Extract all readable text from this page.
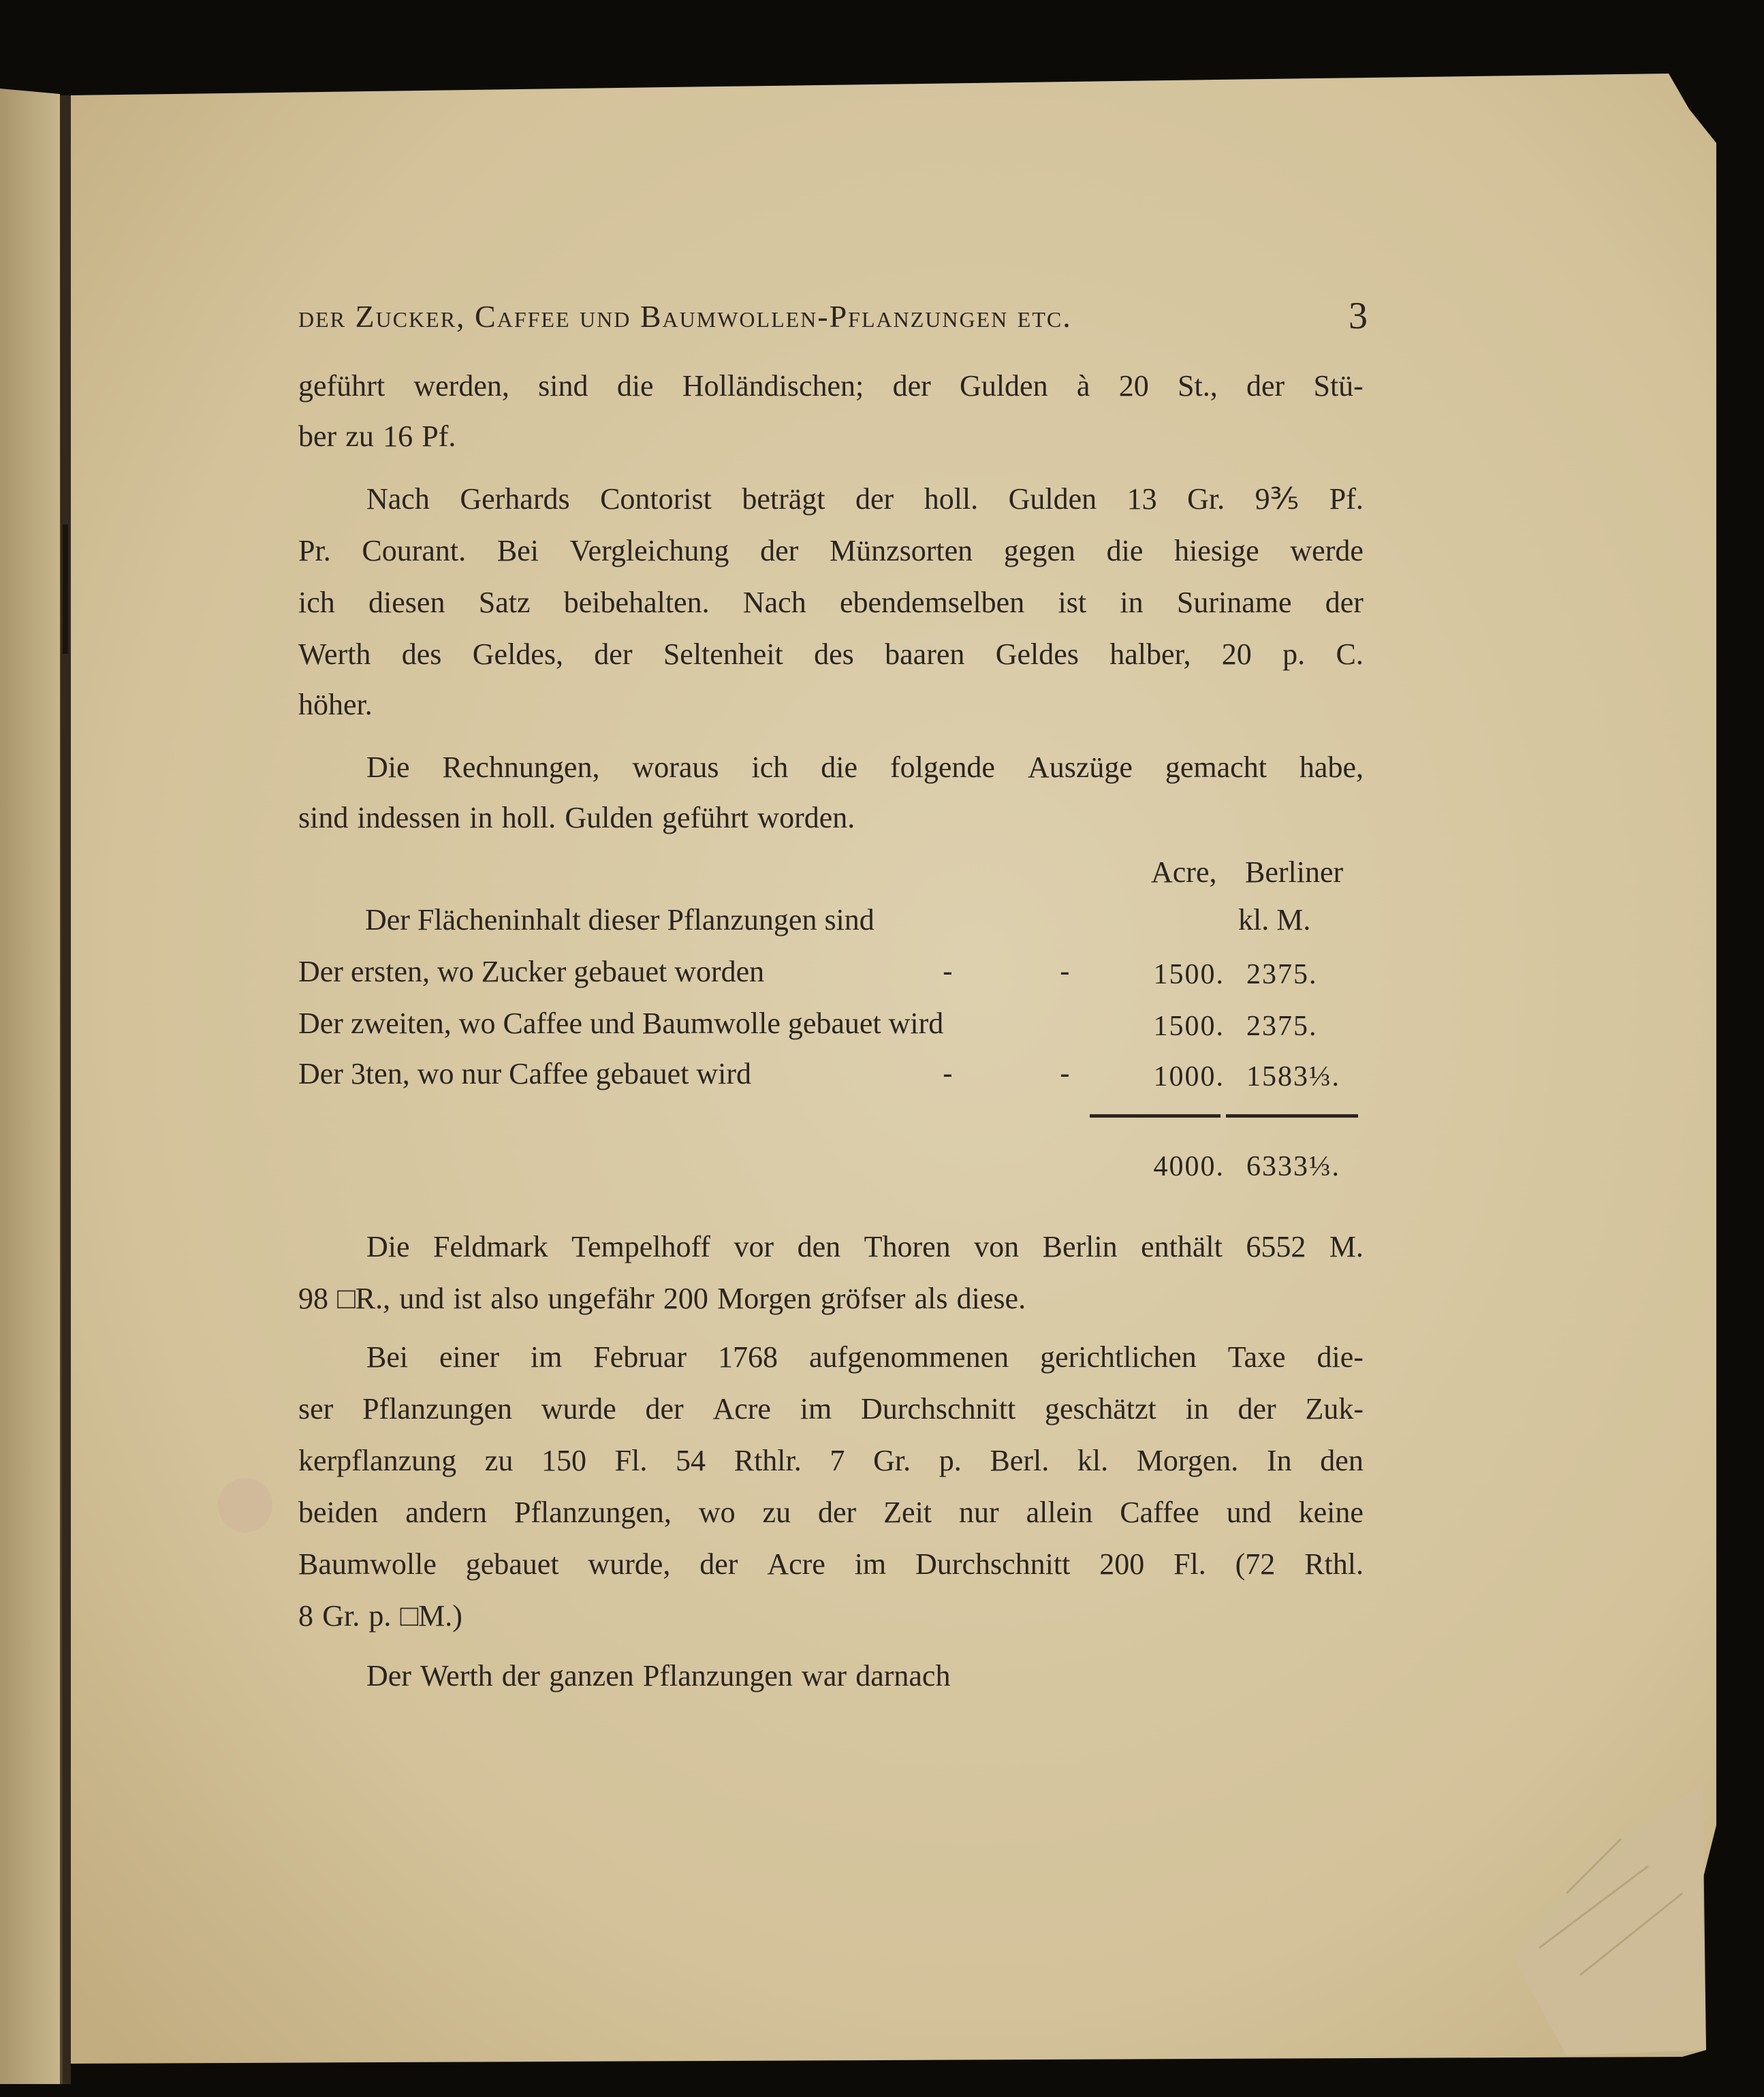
der Zucker, Caffee und Baumwollen-Pflanzungen etc.	3
geführt werden, sind die Holländischen; der Gulden à 20 St., der Stü-
ber zu 16 Pf.
Nach Gerhards Contorist beträgt der holl. Gulden 13 Gr. 9⅗ Pf.
Pr. Courant. Bei Vergleichung der Münzsorten gegen die hiesige werde
ich diesen Satz beibehalten. Nach ebendemselben ist in Suriname der
Werth des Geldes, der Seltenheit des baaren Geldes halber, 20 p. C.
höher.
Die Rechnungen, woraus ich die folgende Auszüge gemacht habe,
sind indessen in holl. Gulden geführt worden.
Acre, Berliner
Der Flächeninhalt dieser Pflanzungen sind	kl. M.
Der ersten, wo Zucker gebauet worden	-	-	1500. 2375.
Der zweiten, wo Caffee und Baumwolle gebauet wird	1500. 2375.
Der 3ten, wo nur Caffee gebauet wird	-	-	1000. 1583⅓.
4000. 6333⅓.
Die Feldmark Tempelhoff vor den Thoren von Berlin enthält 6552 M.
98 □R., und ist also ungefähr 200 Morgen gröfser als diese.
Bei einer im Februar 1768 aufgenommenen gerichtlichen Taxe die-
ser Pflanzungen wurde der Acre im Durchschnitt geschätzt in der Zuk-
kerpflanzung zu 150 Fl. 54 Rthlr. 7 Gr. p. Berl. kl. Morgen. In den
beiden andern Pflanzungen, wo zu der Zeit nur allein Caffee und keine
Baumwolle gebauet wurde, der Acre im Durchschnitt 200 Fl. (72 Rthl.
8 Gr. p. □M.)
Der Werth der ganzen Pflanzungen war darnach
